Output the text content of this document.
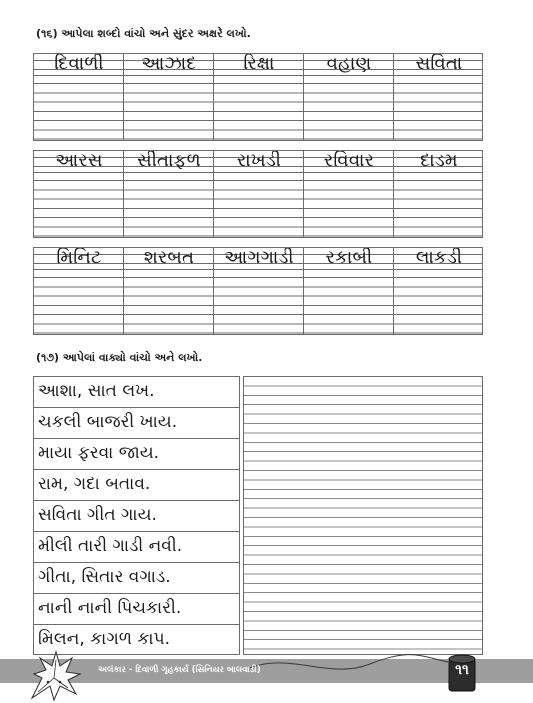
(૧૬) આપેલા શબ્દો વાંચો અને સુંદર અક્ષરે લખો.
દિવાળી	આઝાદ	રિક્ષા	વહાણ	સવિતા
આરસ	સીતાફળ	રાખડી	રવિવાર	દાડમ
મિનિટ	શરબત	આગગાડી	રકાબી	લાકડી
(૧૭) આપેલાં વાક્યો વાંચો અને લખો.
આશા, સાત લખ.
ચકલી બાજરી ખાય.
માયા ફરવા જાય.
રામ, ગદા બતાવ.
સવિતા ગીત ગાય.
મીલી તારી ગાડી નવી.
ગીતા, સિતાર વગાડ.
નાની નાની પિચકારી.
મિલન, કાગળ કાપ.
અલંકાર - દિવાળી ગૃહકાર્ય (સિનિયર બાલવાડી)	૧૧
